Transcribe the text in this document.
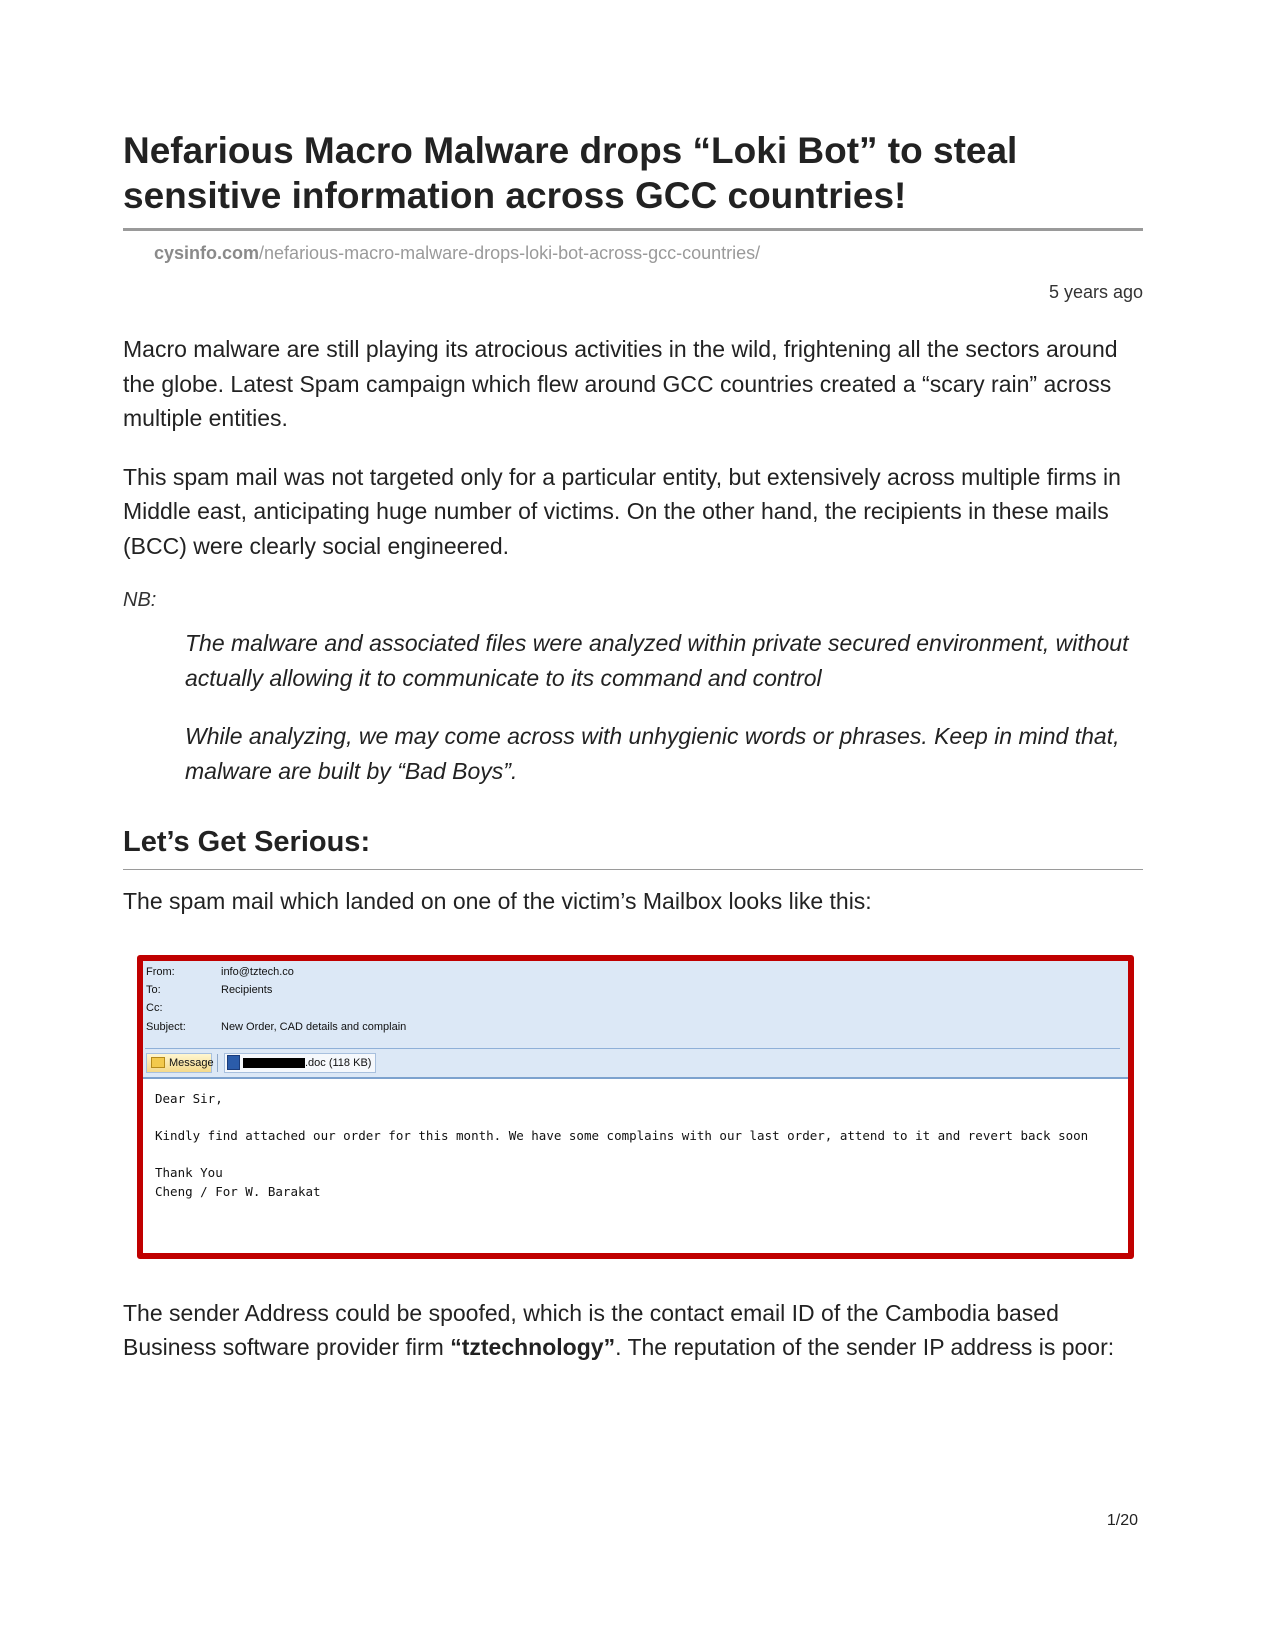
Nefarious Macro Malware drops “Loki Bot” to steal
sensitive information across GCC countries!
cysinfo.com/nefarious-macro-malware-drops-loki-bot-across-gcc-countries/
5 years ago

Macro malware are still playing its atrocious activities in the wild, frightening all the sectors around the globe. Latest Spam campaign which flew around GCC countries created a “scary rain” across multiple entities.

This spam mail was not targeted only for a particular entity, but extensively across multiple firms in Middle east, anticipating huge number of victims. On the other hand, the recipients in these mails (BCC) were clearly social engineered.

NB:

The malware and associated files were analyzed within private secured environment, without actually allowing it to communicate to its command and control

While analyzing, we may come across with unhygienic words or phrases. Keep in mind that, malware are built by “Bad Boys”.

Let’s Get Serious:

The spam mail which landed on one of the victim’s Mailbox looks like this:

From:	info@tztech.co
To:	Recipients
Cc:
Subject:	New Order, CAD details and complain
Message	.doc (118 KB)
Dear Sir,
Kindly find attached our order for this month. We have some complains with our last order, attend to it and revert back soon
Thank You
Cheng / For W. Barakat

The sender Address could be spoofed, which is the contact email ID of the Cambodia based Business software provider firm “tztechnology”. The reputation of the sender IP address is poor:

1/20
